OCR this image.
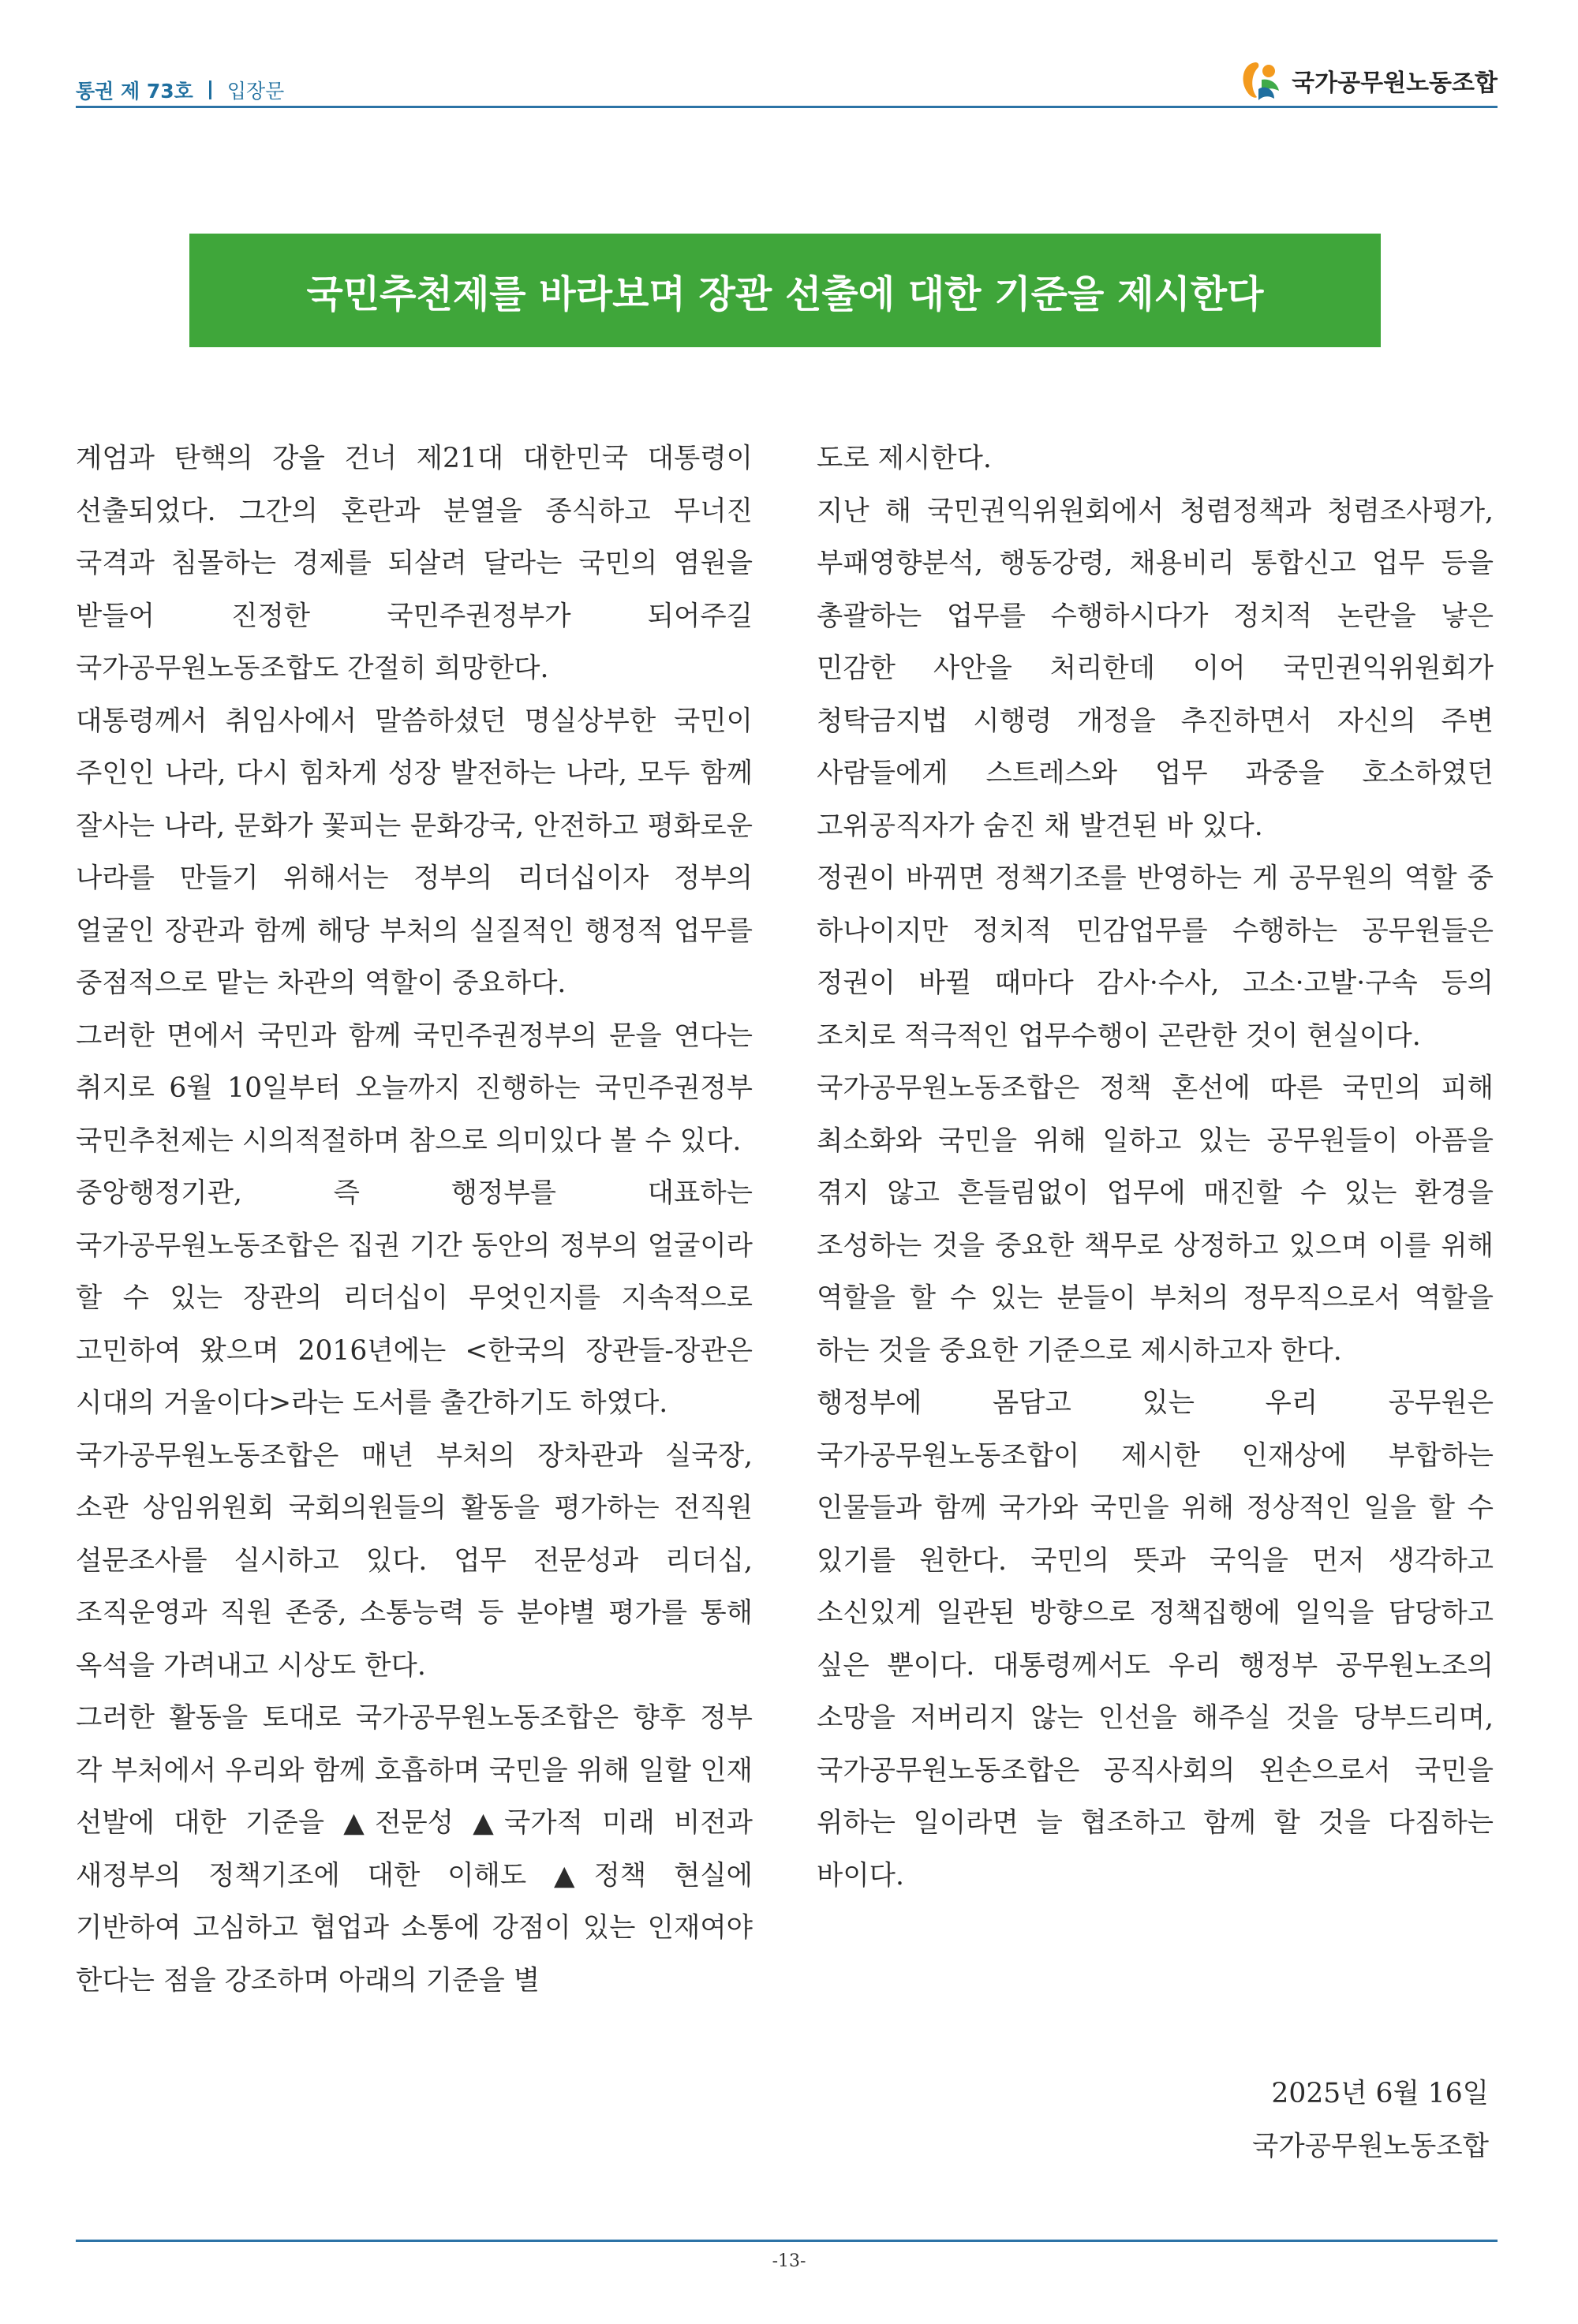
통권 제 73호 입장문	국가공무원노동조합
국민추천제를 바라보며 장관 선출에 대한 기준을 제시한다

계엄과 탄핵의 강을 건너 제21대 대한민국 대통령이 선출되었다. 그간의 혼란과 분열을 종식하고 무너진 국격과 침몰하는 경제를 되살려 달라는 국민의 염원을 받들어 진정한 국민주권정부가 되어주길 국가공무원노동조합도 간절히 희망한다.

대통령께서 취임사에서 말씀하셨던 명실상부한 국민이 주인인 나라, 다시 힘차게 성장 발전하는 나라, 모두 함께 잘사는 나라, 문화가 꽃피는 문화강국, 안전하고 평화로운 나라를 만들기 위해서는 정부의 리더십이자 정부의 얼굴인 장관과 함께 해당 부처의 실질적인 행정적 업무를 중점적으로 맡는 차관의 역할이 중요하다.

그러한 면에서 국민과 함께 국민주권정부의 문을 연다는 취지로 6월 10일부터 오늘까지 진행하는 국민주권정부 국민추천제는 시의적절하며 참으로 의미있다 볼 수 있다.

중앙행정기관, 즉 행정부를 대표하는 국가공무원노동조합은 집권 기간 동안의 정부의 얼굴이라 할 수 있는 장관의 리더십이 무엇인지를 지속적으로 고민하여 왔으며 2016년에는 <한국의 장관들-장관은 시대의 거울이다>라는 도서를 출간하기도 하였다.

국가공무원노동조합은 매년 부처의 장차관과 실국장, 소관 상임위원회 국회의원들의 활동을 평가하는 전직원 설문조사를 실시하고 있다. 업무 전문성과 리더십, 조직운영과 직원 존중, 소통능력 등 분야별 평가를 통해 옥석을 가려내고 시상도 한다.

그러한 활동을 토대로 국가공무원노동조합은 향후 정부 각 부처에서 우리와 함께 호흡하며 국민을 위해 일할 인재 선발에 대한 기준을 ▲전문성 ▲국가적 미래 비전과 새정부의 정책기조에 대한 이해도 ▲정책 현실에 기반하여 고심하고 협업과 소통에 강점이 있는 인재여야 한다는 점을 강조하며 아래의 기준을 별

도로 제시한다.

지난 해 국민권익위원회에서 청렴정책과 청렴조사평가, 부패영향분석, 행동강령, 채용비리 통합신고 업무 등을 총괄하는 업무를 수행하시다가 정치적 논란을 낳은 민감한 사안을 처리한데 이어 국민권익위원회가 청탁금지법 시행령 개정을 추진하면서 자신의 주변 사람들에게 스트레스와 업무 과중을 호소하였던 고위공직자가 숨진 채 발견된 바 있다.

정권이 바뀌면 정책기조를 반영하는 게 공무원의 역할 중 하나이지만 정치적 민감업무를 수행하는 공무원들은 정권이 바뀔 때마다 감사·수사, 고소·고발·구속 등의 조치로 적극적인 업무수행이 곤란한 것이 현실이다.

국가공무원노동조합은 정책 혼선에 따른 국민의 피해 최소화와 국민을 위해 일하고 있는 공무원들이 아픔을 겪지 않고 흔들림없이 업무에 매진할 수 있는 환경을 조성하는 것을 중요한 책무로 상정하고 있으며 이를 위해 역할을 할 수 있는 분들이 부처의 정무직으로서 역할을 하는 것을 중요한 기준으로 제시하고자 한다.

행정부에 몸담고 있는 우리 공무원은 국가공무원노동조합이 제시한 인재상에 부합하는 인물들과 함께 국가와 국민을 위해 정상적인 일을 할 수 있기를 원한다. 국민의 뜻과 국익을 먼저 생각하고 소신있게 일관된 방향으로 정책집행에 일익을 담당하고 싶은 뿐이다. 대통령께서도 우리 행정부 공무원노조의 소망을 저버리지 않는 인선을 해주실 것을 당부드리며, 국가공무원노동조합은 공직사회의 왼손으로서 국민을 위하는 일이라면 늘 협조하고 함께 할 것을 다짐하는 바이다.

2025년 6월 16일
국가공무원노동조합
-13-
